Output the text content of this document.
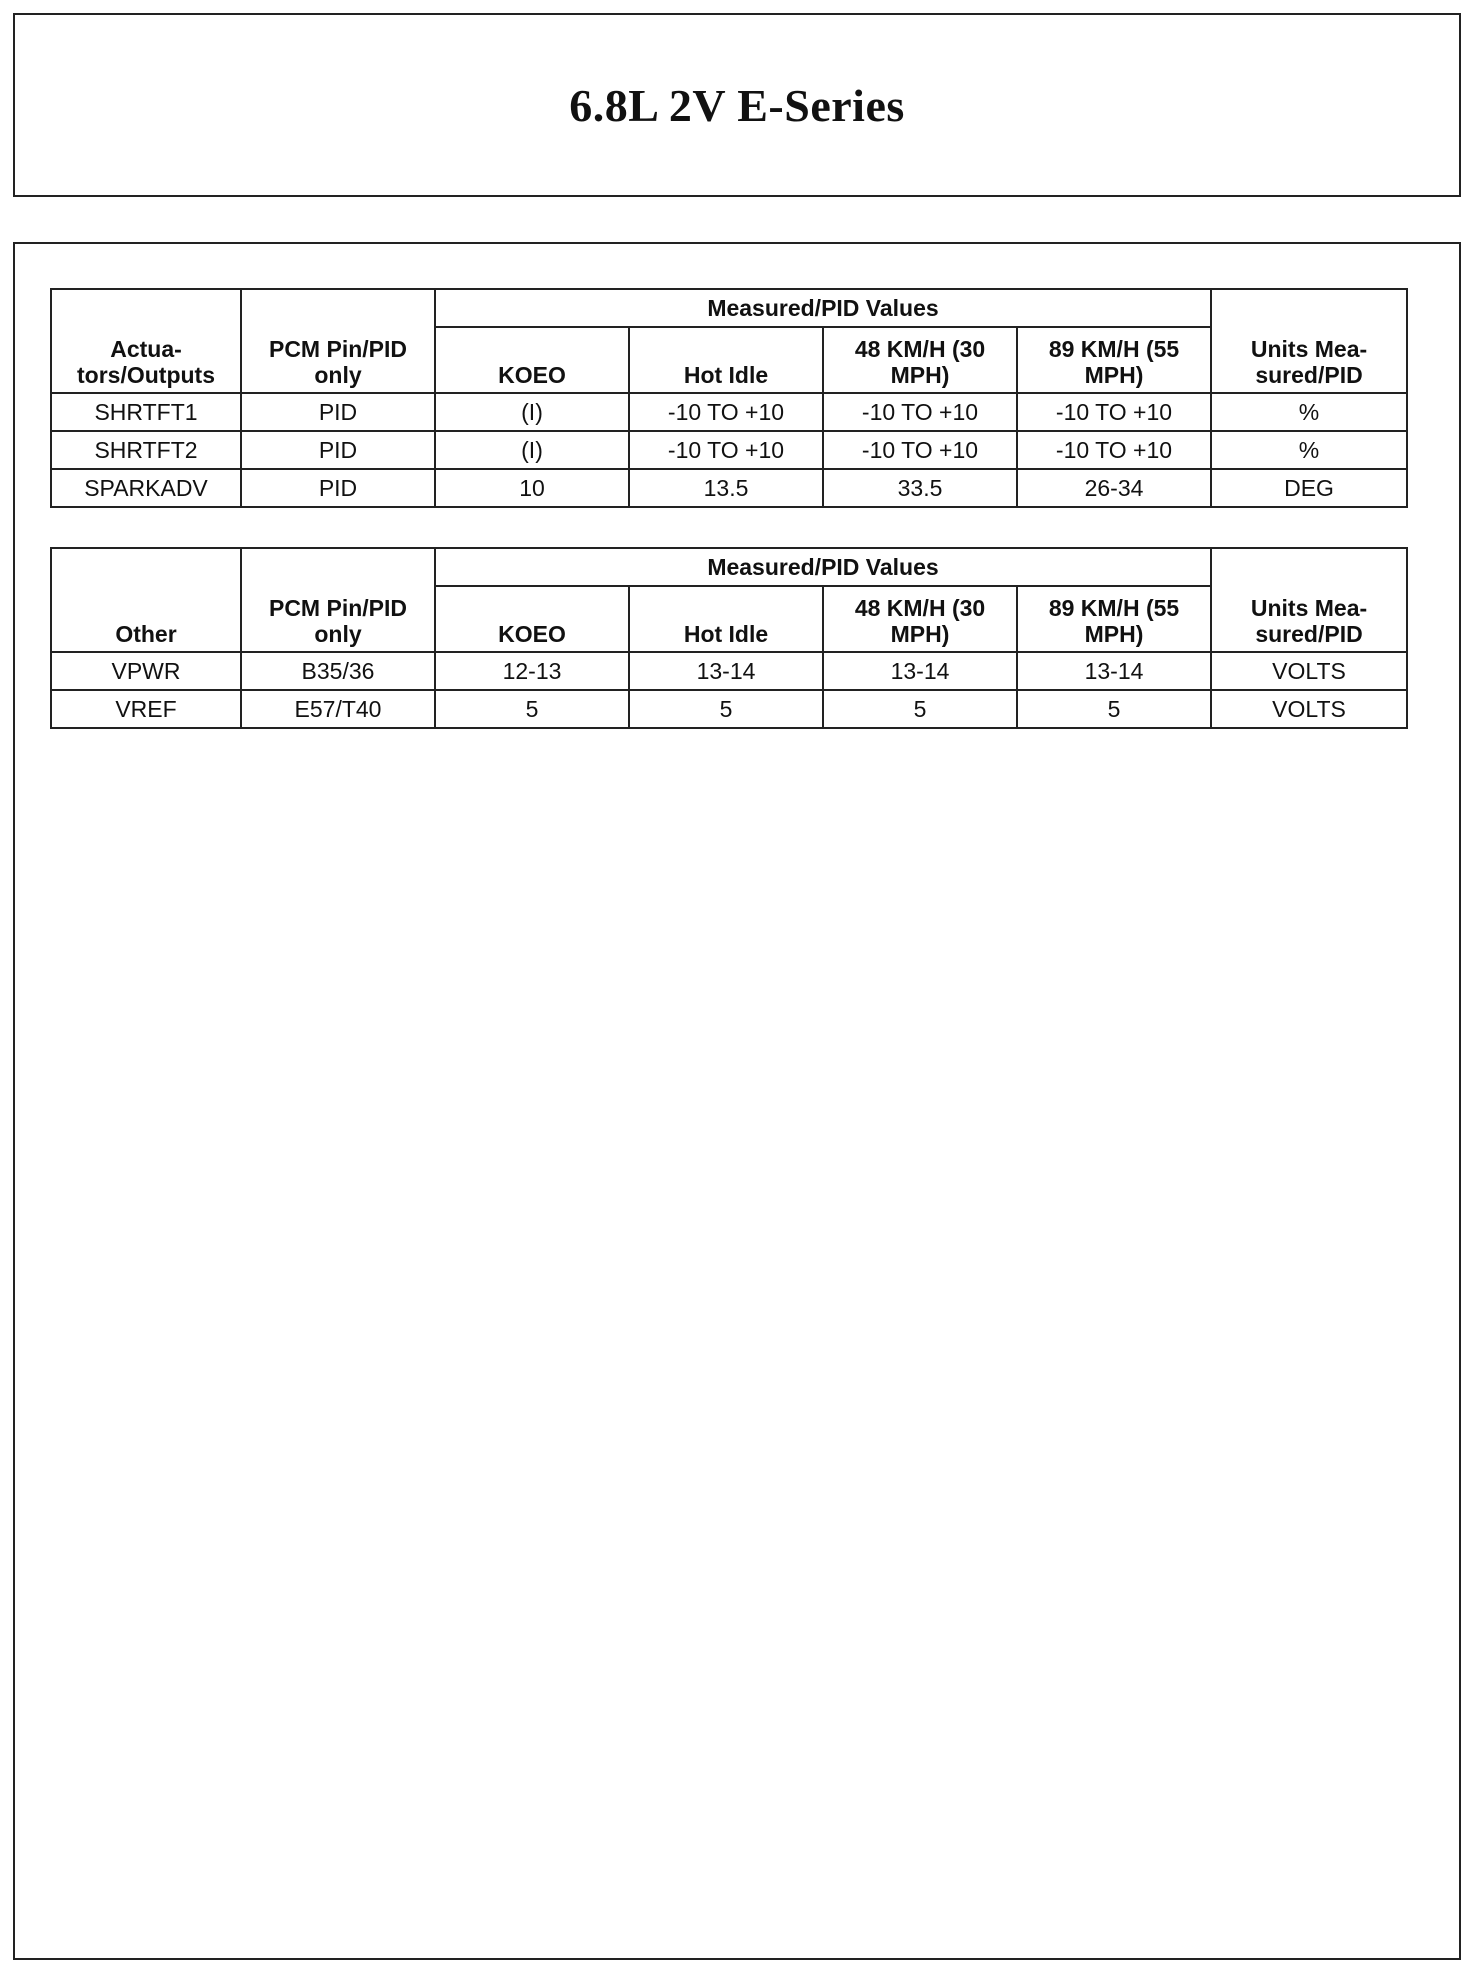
6.8L 2V E-Series
Actua-tors/Outputs	PCM Pin/PID only	Measured/PID Values				Units Mea-sured/PID
		KOEO	Hot Idle	48 KM/H (30 MPH)	89 KM/H (55 MPH)	
SHRTFT1	PID	(I)	-10 TO +10	-10 TO +10	-10 TO +10	%
SHRTFT2	PID	(I)	-10 TO +10	-10 TO +10	-10 TO +10	%
SPARKADV	PID	10	13.5	33.5	26-34	DEG
Other	PCM Pin/PID only	Measured/PID Values				Units Mea-sured/PID
		KOEO	Hot Idle	48 KM/H (30 MPH)	89 KM/H (55 MPH)	
VPWR	B35/36	12-13	13-14	13-14	13-14	VOLTS
VREF	E57/T40	5	5	5	5	VOLTS
